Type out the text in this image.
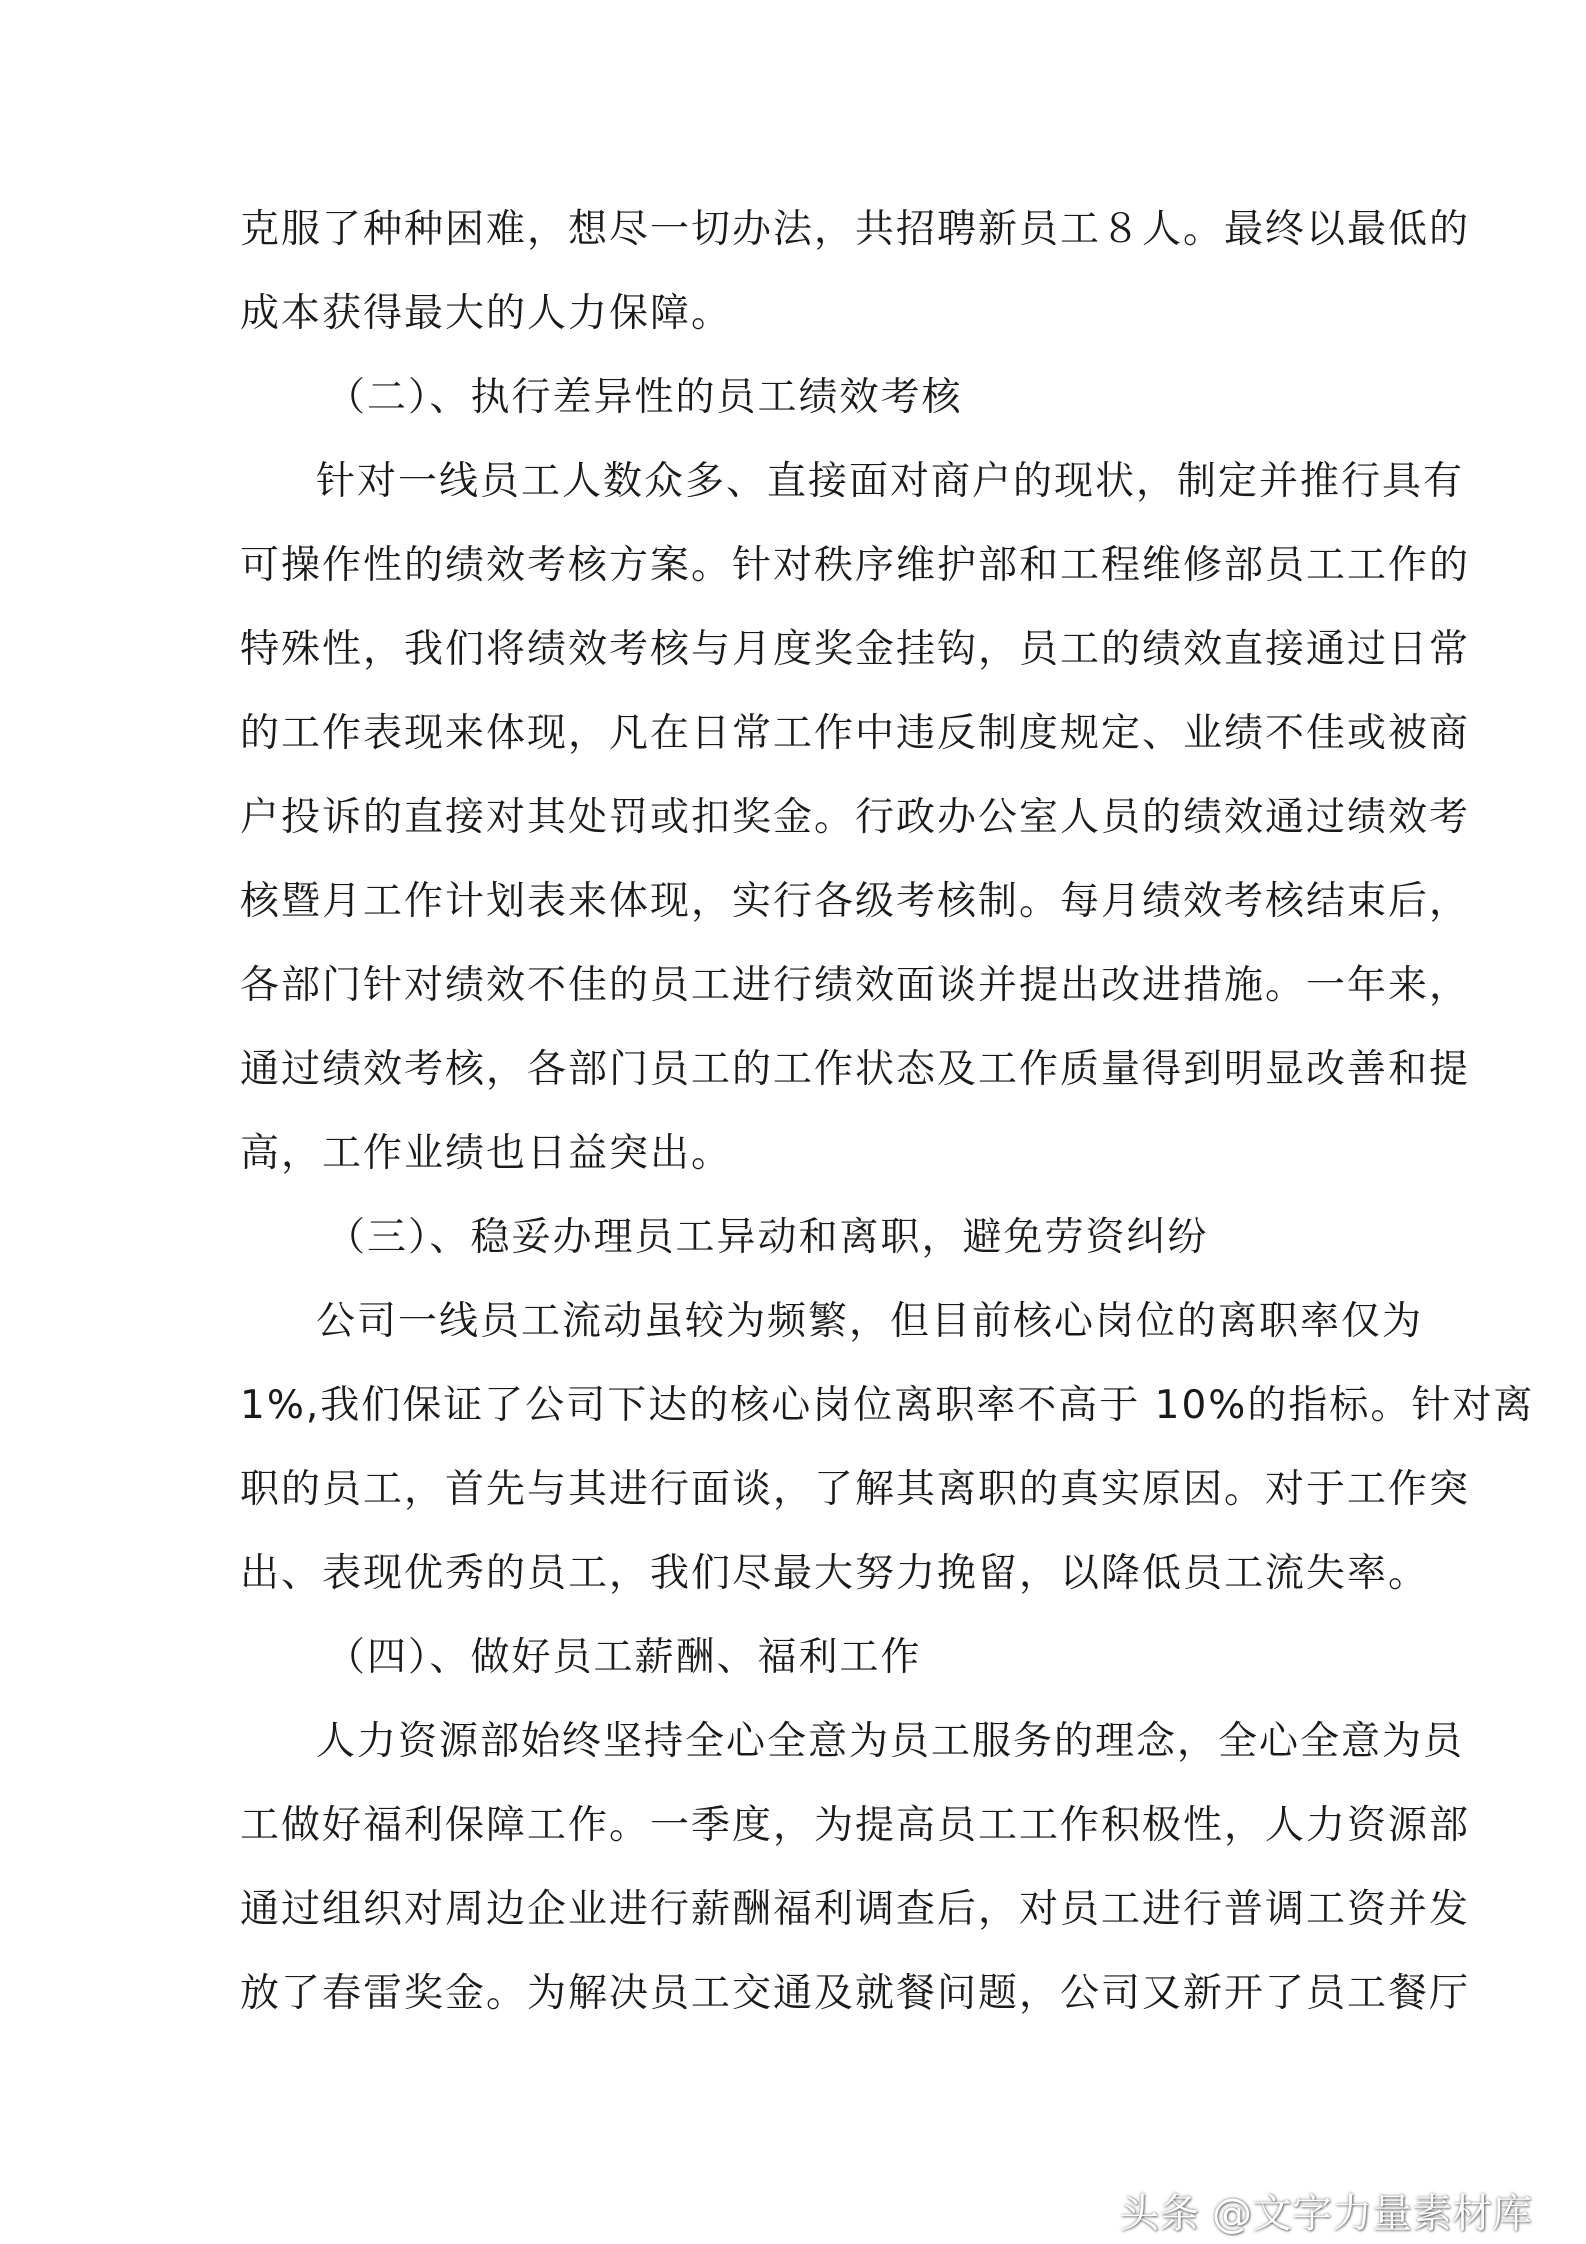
克服了种种困难，想尽一切办法，共招聘新员工８人。最终以最低的
成本获得最大的人力保障。
（二）、执行差异性的员工绩效考核
针对一线员工人数众多、直接面对商户的现状，制定并推行具有
可操作性的绩效考核方案。针对秩序维护部和工程维修部员工工作的
特殊性，我们将绩效考核与月度奖金挂钩，员工的绩效直接通过日常
的工作表现来体现，凡在日常工作中违反制度规定、业绩不佳或被商
户投诉的直接对其处罚或扣奖金。行政办公室人员的绩效通过绩效考
核暨月工作计划表来体现，实行各级考核制。每月绩效考核结束后，
各部门针对绩效不佳的员工进行绩效面谈并提出改进措施。一年来，
通过绩效考核，各部门员工的工作状态及工作质量得到明显改善和提
高，工作业绩也日益突出。
（三）、稳妥办理员工异动和离职，避免劳资纠纷
公司一线员工流动虽较为频繁，但目前核心岗位的离职率仅为
1%,我们保证了公司下达的核心岗位离职率不高于 10%的指标。针对离
职的员工，首先与其进行面谈，了解其离职的真实原因。对于工作突
出、表现优秀的员工，我们尽最大努力挽留，以降低员工流失率。
（四）、做好员工薪酬、福利工作
人力资源部始终坚持全心全意为员工服务的理念，全心全意为员
工做好福利保障工作。一季度，为提高员工工作积极性，人力资源部
通过组织对周边企业进行薪酬福利调查后，对员工进行普调工资并发
放了春雷奖金。为解决员工交通及就餐问题，公司又新开了员工餐厅
头条 @文字力量素材库
